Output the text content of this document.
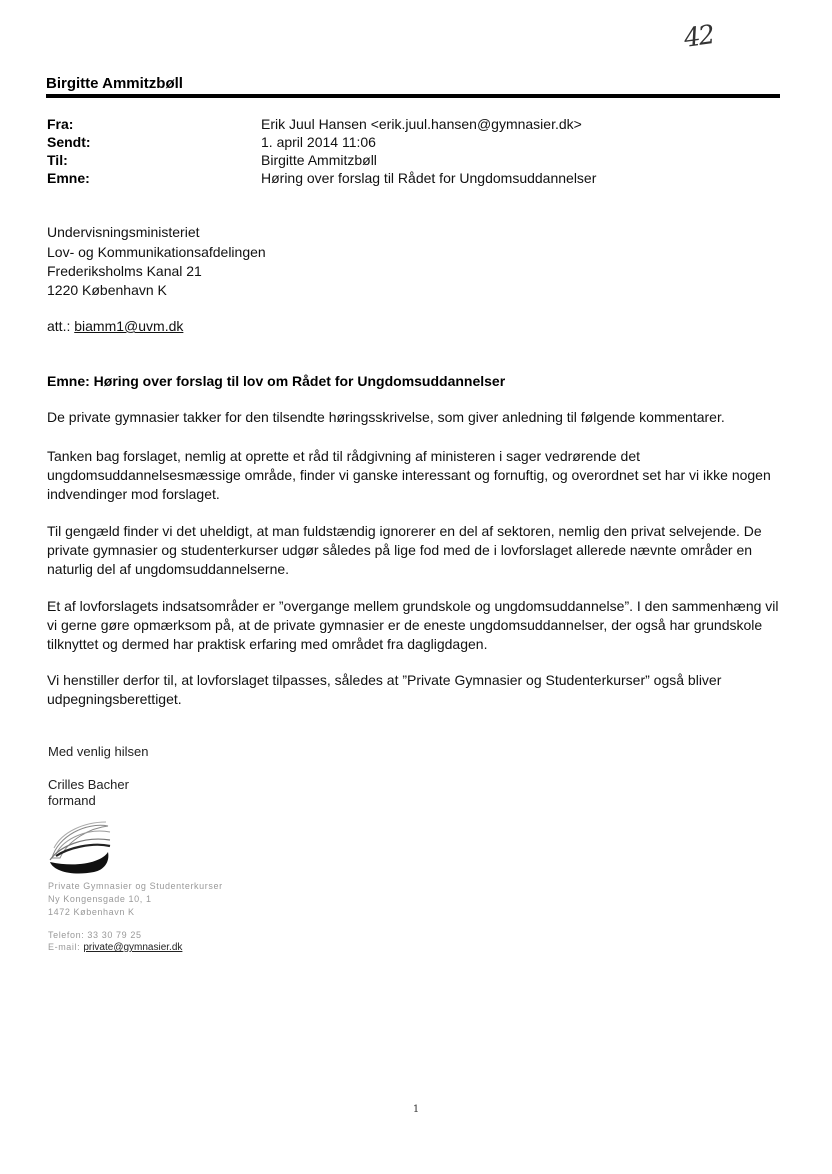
42
Birgitte Ammitzbøll
Fra:	Erik Juul Hansen <erik.juul.hansen@gymnasier.dk>
Sendt:	1. april 2014 11:06
Til:	Birgitte Ammitzbøll
Emne:	Høring over forslag til Rådet for Ungdomsuddannelser
Undervisningsministeriet
Lov- og Kommunikationsafdelingen
Frederiksholms Kanal 21
1220 København K
att.: biamm1@uvm.dk
Emne: Høring over forslag til lov om Rådet for Ungdomsuddannelser
De private gymnasier takker for den tilsendte høringsskrivelse, som giver anledning til følgende kommentarer.
Tanken bag forslaget, nemlig at oprette et råd til rådgivning af ministeren i sager vedrørende det ungdomsuddannelsesmæssige område, finder vi ganske interessant og fornuftig, og overordnet set har vi ikke nogen indvendinger mod forslaget.
Til gengæld finder vi det uheldigt, at man fuldstændig ignorerer en del af sektoren, nemlig den privat selvejende. De private gymnasier og studenterkurser udgør således på lige fod med de i lovforslaget allerede nævnte områder en naturlig del af ungdomsuddannelserne.
Et af lovforslagets indsatsområder er ”overgange mellem grundskole og ungdomsuddannelse”. I den sammenhæng vil vi gerne gøre opmærksom på, at de private gymnasier er de eneste ungdomsuddannelser, der også har grundskole tilknyttet og dermed har praktisk erfaring med området fra dagligdagen.
Vi henstiller derfor til, at lovforslaget tilpasses, således at ”Private Gymnasier og Studenterkurser” også bliver udpegningsberettiget.
Med venlig hilsen
Crilles Bacher
formand
Private Gymnasier og Studenterkurser
Ny Kongensgade 10, 1
1472 København K
Telefon: 33 30 79 25
E-mail: private@gymnasier.dk
1
